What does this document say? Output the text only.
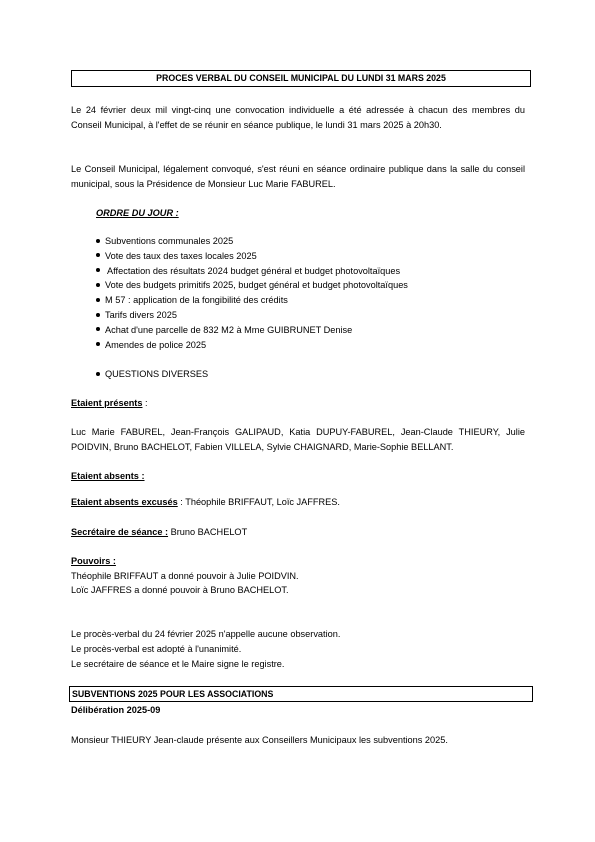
PROCES VERBAL DU CONSEIL MUNICIPAL DU LUNDI 31 MARS 2025
Le 24 février deux mil vingt-cinq une convocation individuelle a été adressée à chacun des membres du Conseil Municipal, à l'effet de se réunir en séance publique, le lundi 31 mars 2025 à 20h30.
Le Conseil Municipal, légalement convoqué, s'est réuni en séance ordinaire publique dans la salle du conseil municipal, sous la Présidence de Monsieur Luc Marie FABUREL.
ORDRE DU JOUR :
Subventions communales 2025
Vote des taux des taxes locales 2025
Affectation des résultats 2024 budget général et budget photovoltaïques
Vote des budgets primitifs 2025, budget général et budget photovoltaïques
M 57 : application de la fongibilité des crédits
Tarifs divers 2025
Achat d'une parcelle de 832 M2 à Mme GUIBRUNET Denise
Amendes de police 2025
QUESTIONS DIVERSES
Etaient présents :
Luc Marie FABUREL, Jean-François GALIPAUD, Katia DUPUY-FABUREL, Jean-Claude THIEURY, Julie POIDVIN, Bruno BACHELOT, Fabien VILLELA, Sylvie CHAIGNARD, Marie-Sophie BELLANT.
Etaient absents :
Etaient absents excusés : Théophile BRIFFAUT, Loïc JAFFRES.
Secrétaire de séance : Bruno BACHELOT
Pouvoirs :
Théophile BRIFFAUT a donné pouvoir à Julie POIDVIN.
Loïc JAFFRES a donné pouvoir à Bruno BACHELOT.
Le procès-verbal du 24 février 2025 n'appelle aucune observation.
Le procès-verbal est adopté à l'unanimité.
Le secrétaire de séance et le Maire signe le registre.
SUBVENTIONS 2025 POUR LES ASSOCIATIONS
Délibération 2025-09
Monsieur THIEURY Jean-claude présente aux Conseillers Municipaux les subventions 2025.
